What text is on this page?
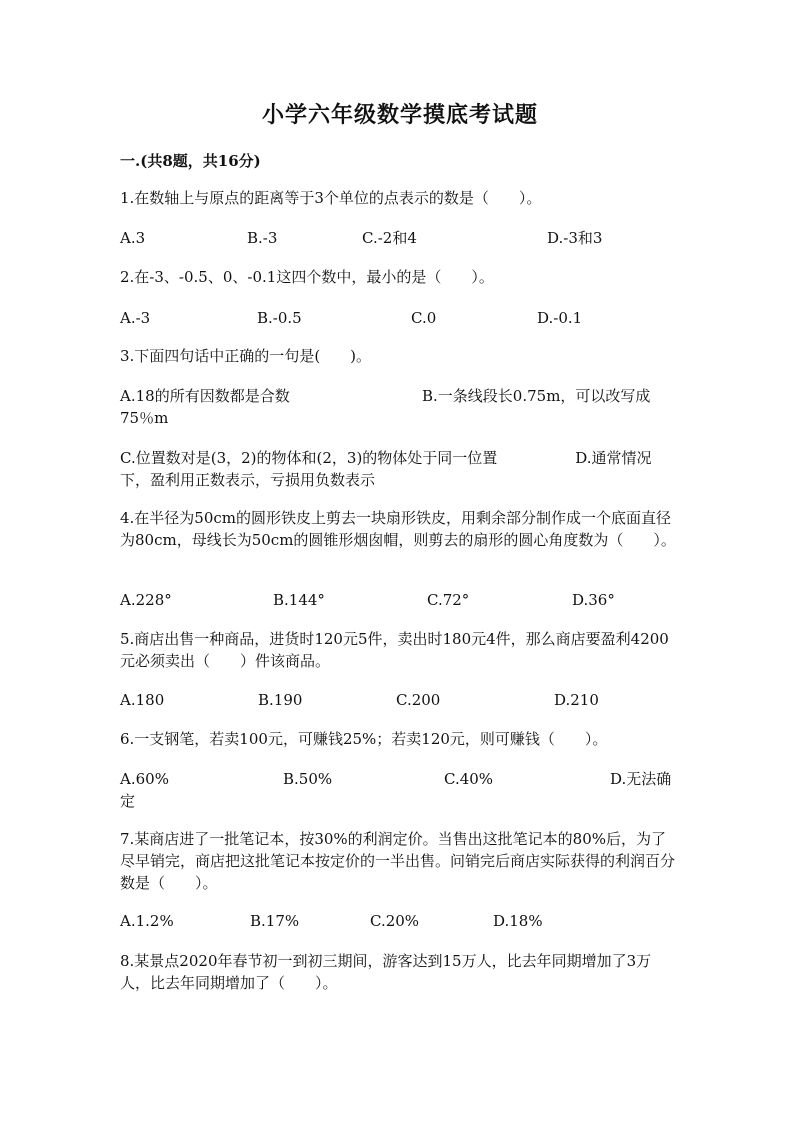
小学六年级数学摸底考试题
一.(共8题，共16分)
1.在数轴上与原点的距离等于3个单位的点表示的数是（　　）。
A.3	B.-3	C.-2和4	D.-3和3
2.在-3、-0.5、0、-0.1这四个数中，最小的是（　　）。
A.-3	B.-0.5	C.0	D.-0.1
3.下面四句话中正确的一句是(　　)。
A.18的所有因数都是合数	B.一条线段长0.75m，可以改写成75％m
C.位置数对是(3，2)的物体和(2，3)的物体处于同一位置	D.通常情况下，盈利用正数表示，亏损用负数表示
4.在半径为50cm的圆形铁皮上剪去一块扇形铁皮，用剩余部分制作成一个底面直径为80cm，母线长为50cm的圆锥形烟囱帽，则剪去的扇形的圆心角度数为（　　）。
A.228°	B.144°	C.72°	D.36°
5.商店出售一种商品，进货时120元5件，卖出时180元4件，那么商店要盈利4200元必须卖出（　　）件该商品。
A.180	B.190	C.200	D.210
6.一支钢笔，若卖100元，可赚钱25%；若卖120元，则可赚钱（　　）。
A.60%	B.50%	C.40%	D.无法确定
7.某商店进了一批笔记本，按30%的利润定价。当售出这批笔记本的80%后，为了尽早销完，商店把这批笔记本按定价的一半出售。问销完后商店实际获得的利润百分数是（　　）。
A.1.2%	B.17%	C.20%	D.18%
8.某景点2020年春节初一到初三期间，游客达到15万人，比去年同期增加了3万人，比去年同期增加了（　　）。
